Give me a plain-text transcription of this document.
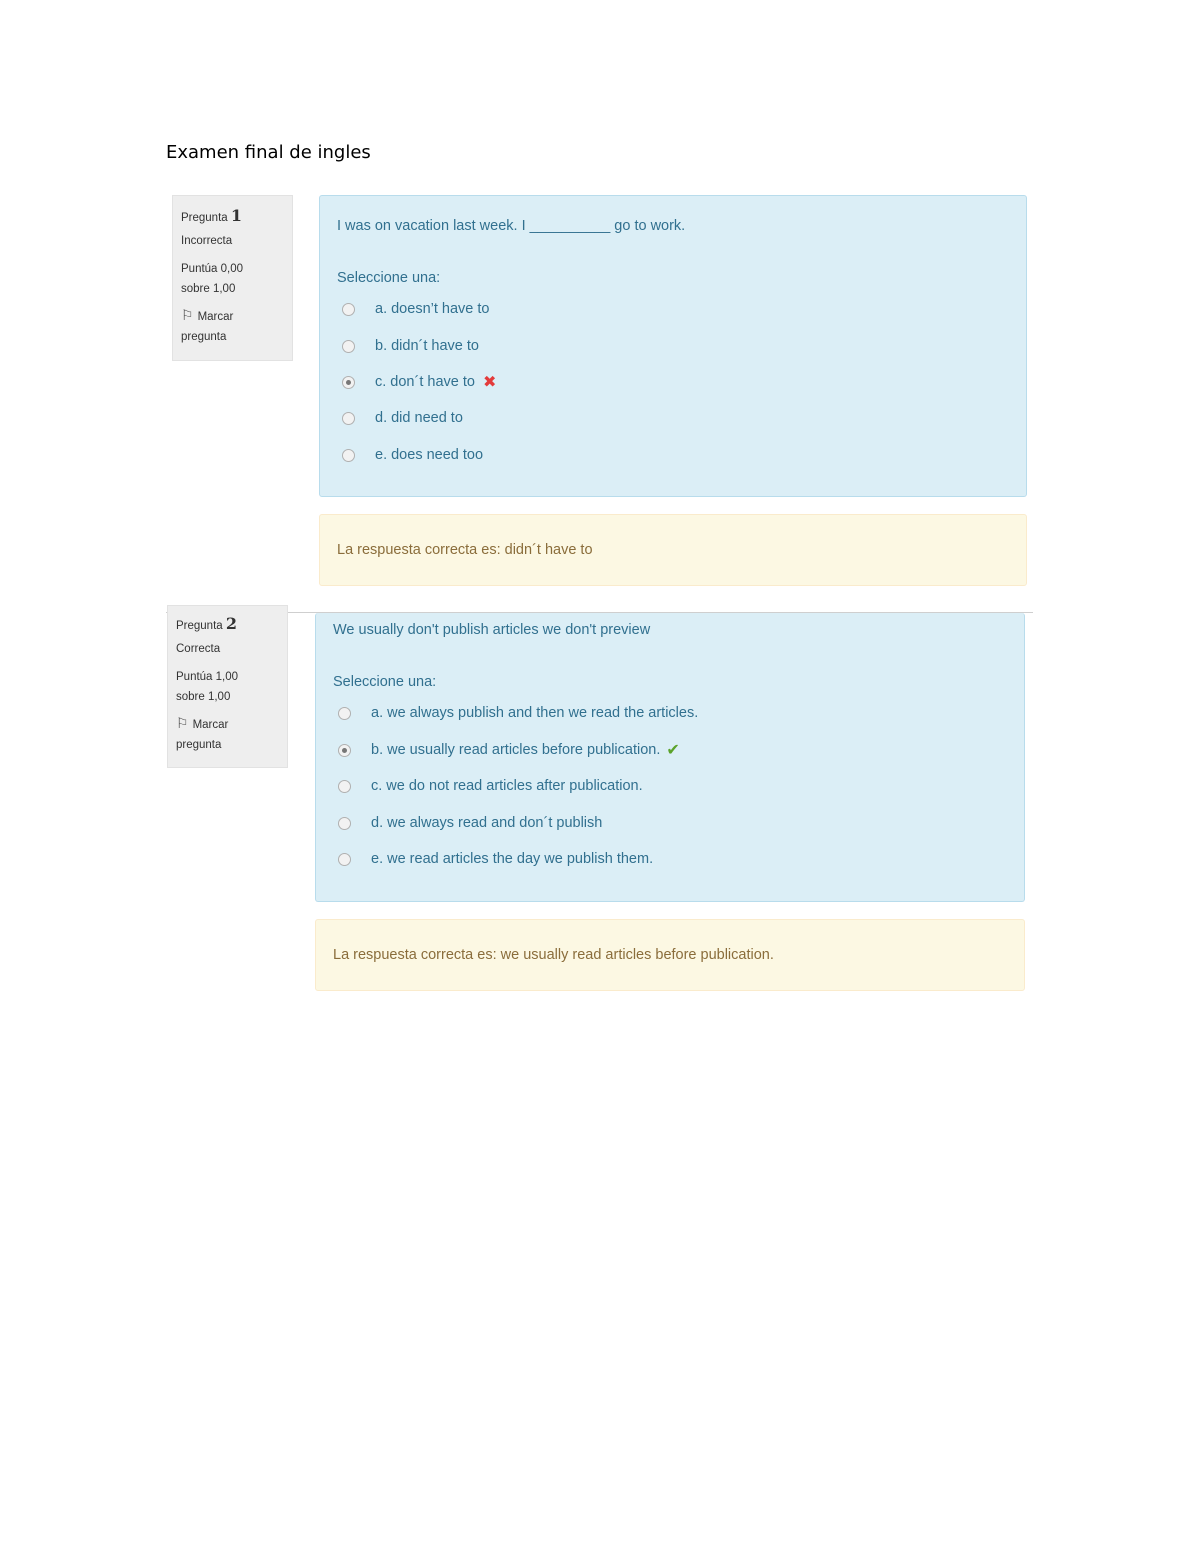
Examen final de ingles
Pregunta 1
Incorrecta
Puntúa 0,00
sobre 1,00
⚐ Marcar
pregunta
I was on vacation last week. I __________ go to work.
Seleccione una:
a. doesn’t have to
b. didn´t have to
c. don´t have to ✖
d. did need to
e. does need too
La respuesta correcta es: didn´t have to
Pregunta 2
Correcta
Puntúa 1,00
sobre 1,00
⚐ Marcar
pregunta
We usually don't publish articles we don't preview
Seleccione una:
a. we always publish and then we read the articles.
b. we usually read articles before publication. ✔
c. we do not read articles after publication.
d. we always read and don´t publish
e. we read articles the day we publish them.
La respuesta correcta es: we usually read articles before publication.
